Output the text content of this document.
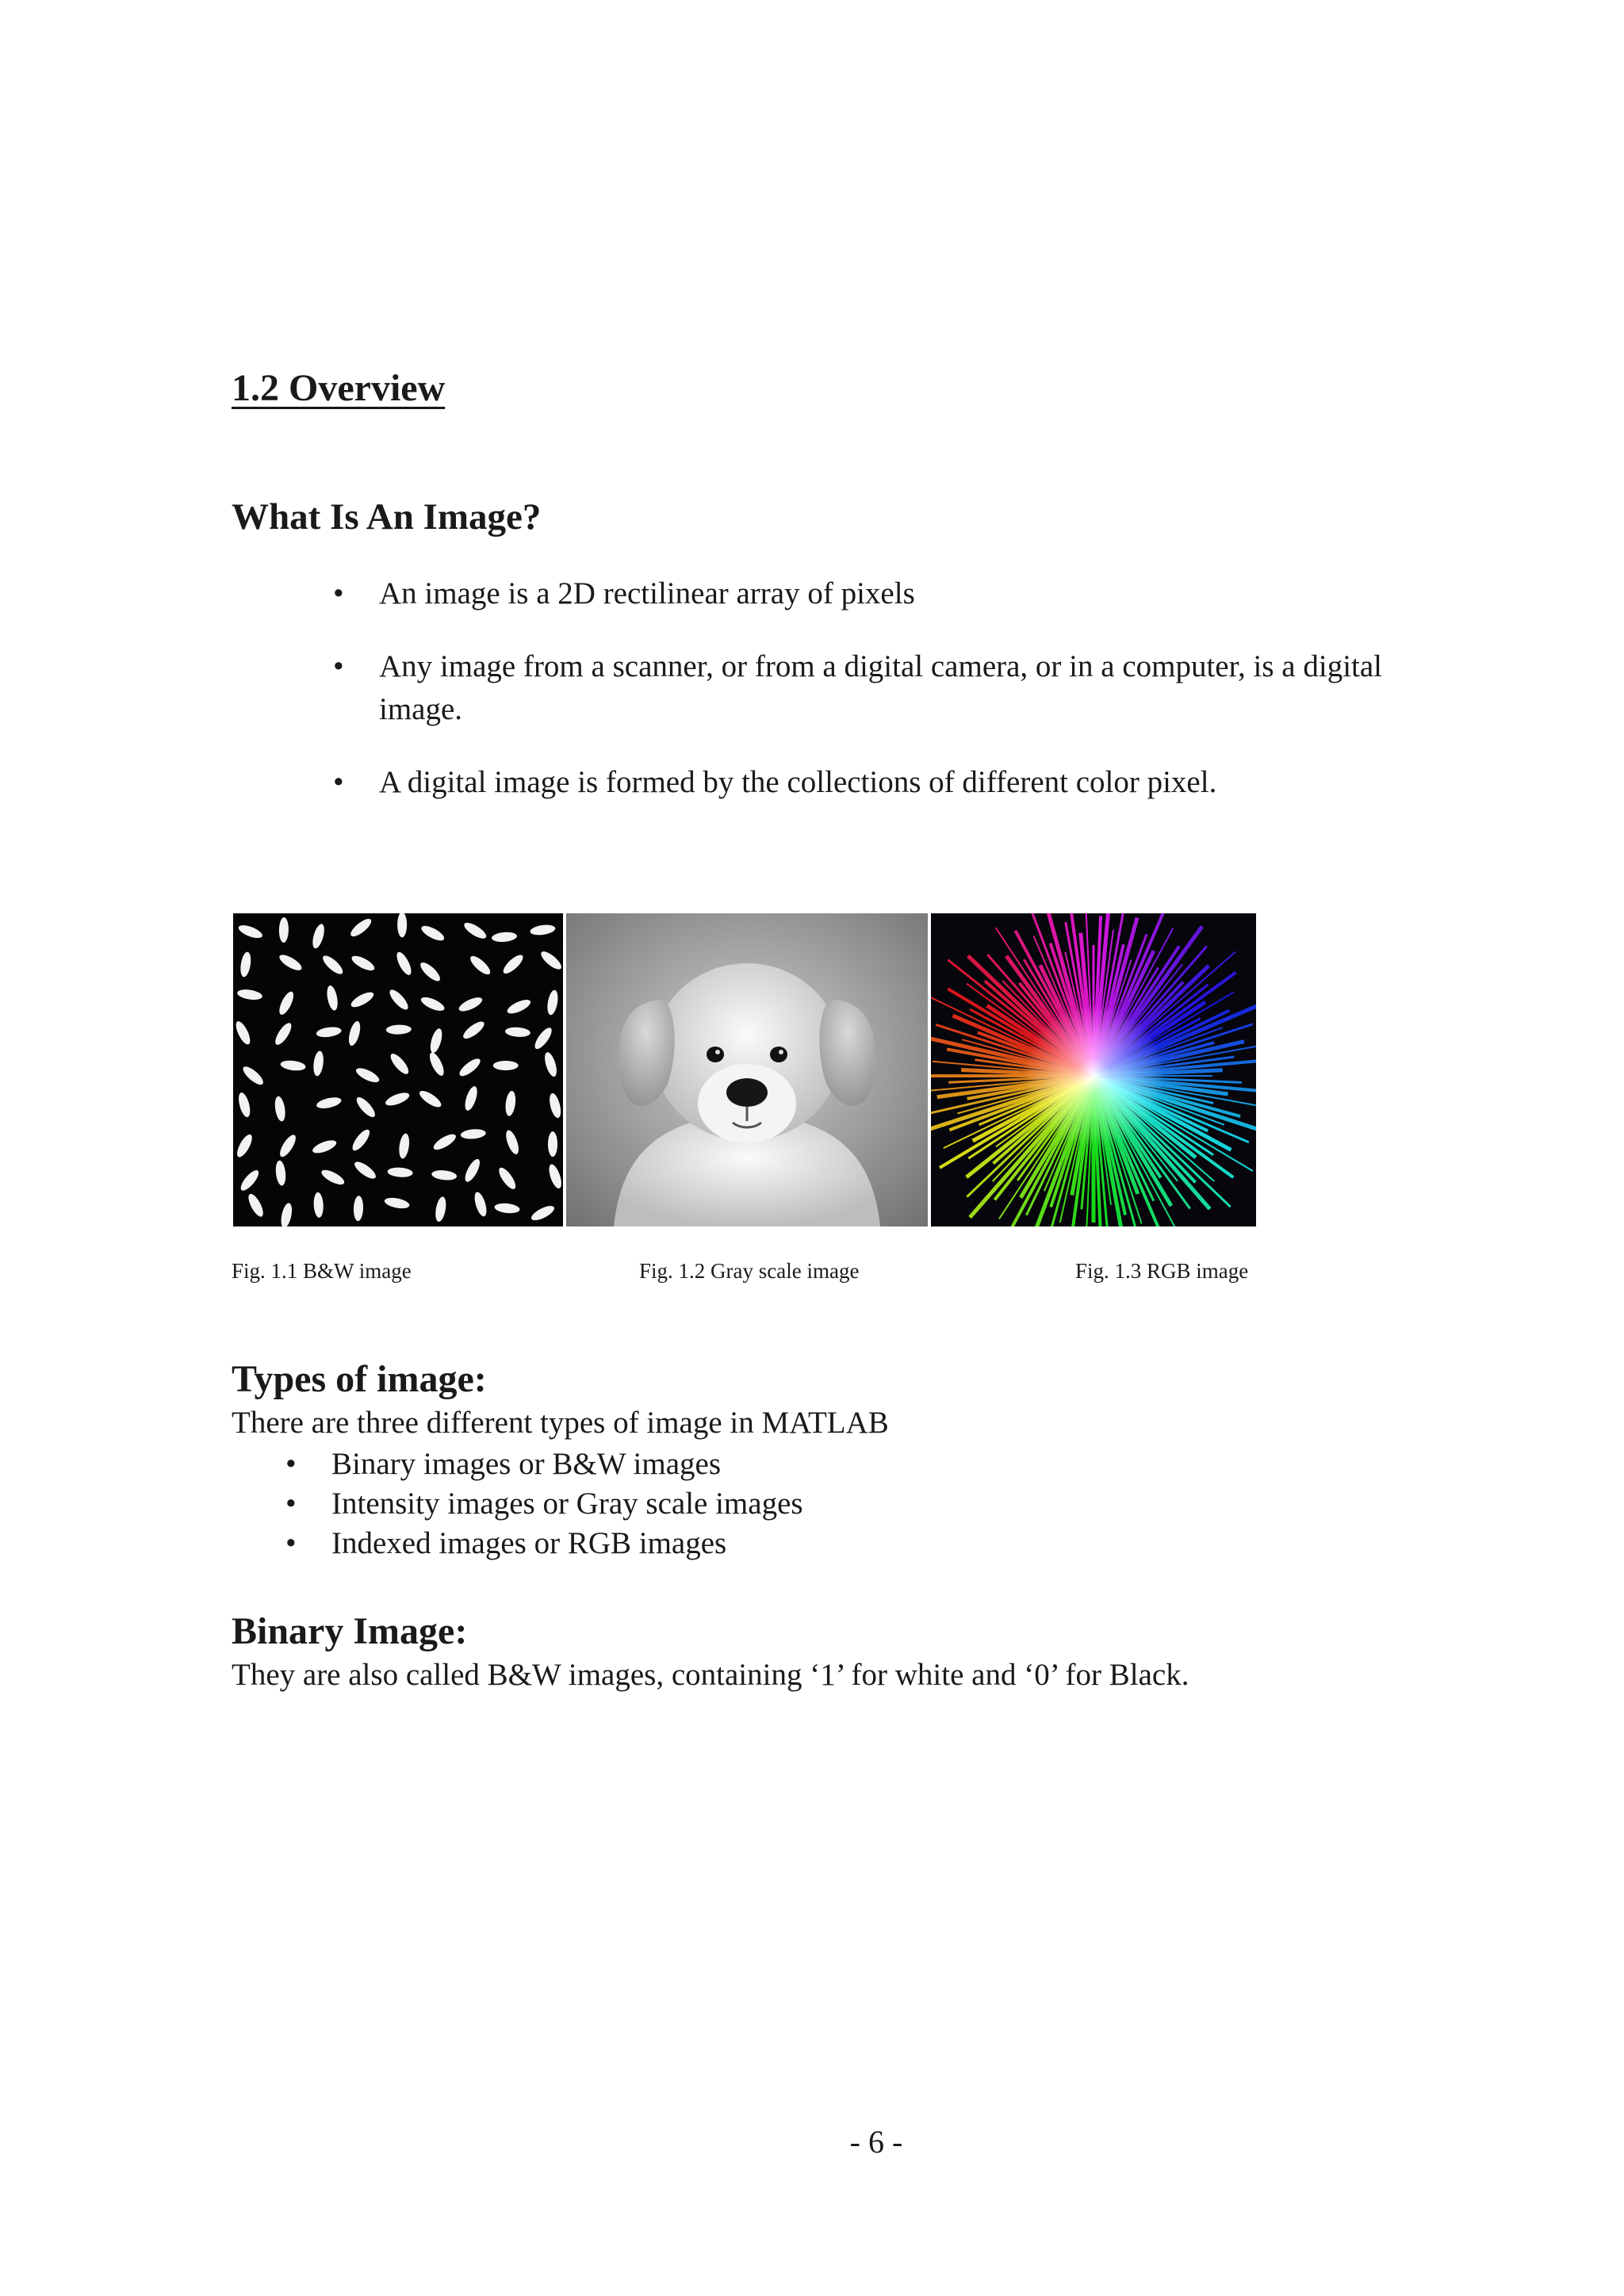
1.2 Overview
What Is An Image?
• An image is a 2D rectilinear array of pixels
• Any image from a scanner, or from a digital camera, or in a computer, is a digital image.
• A digital image is formed by the collections of different color pixel.
Fig. 1.1 B&W image	Fig. 1.2 Gray scale image	Fig. 1.3 RGB image
Types of image:

There are three different types of image in MATLAB

• Binary images or B&W images
• Intensity images or Gray scale images
• Indexed images or RGB images
Binary Image:

They are also called B&W images, containing ‘1’ for white and ‘0’ for Black.

- 6 -
